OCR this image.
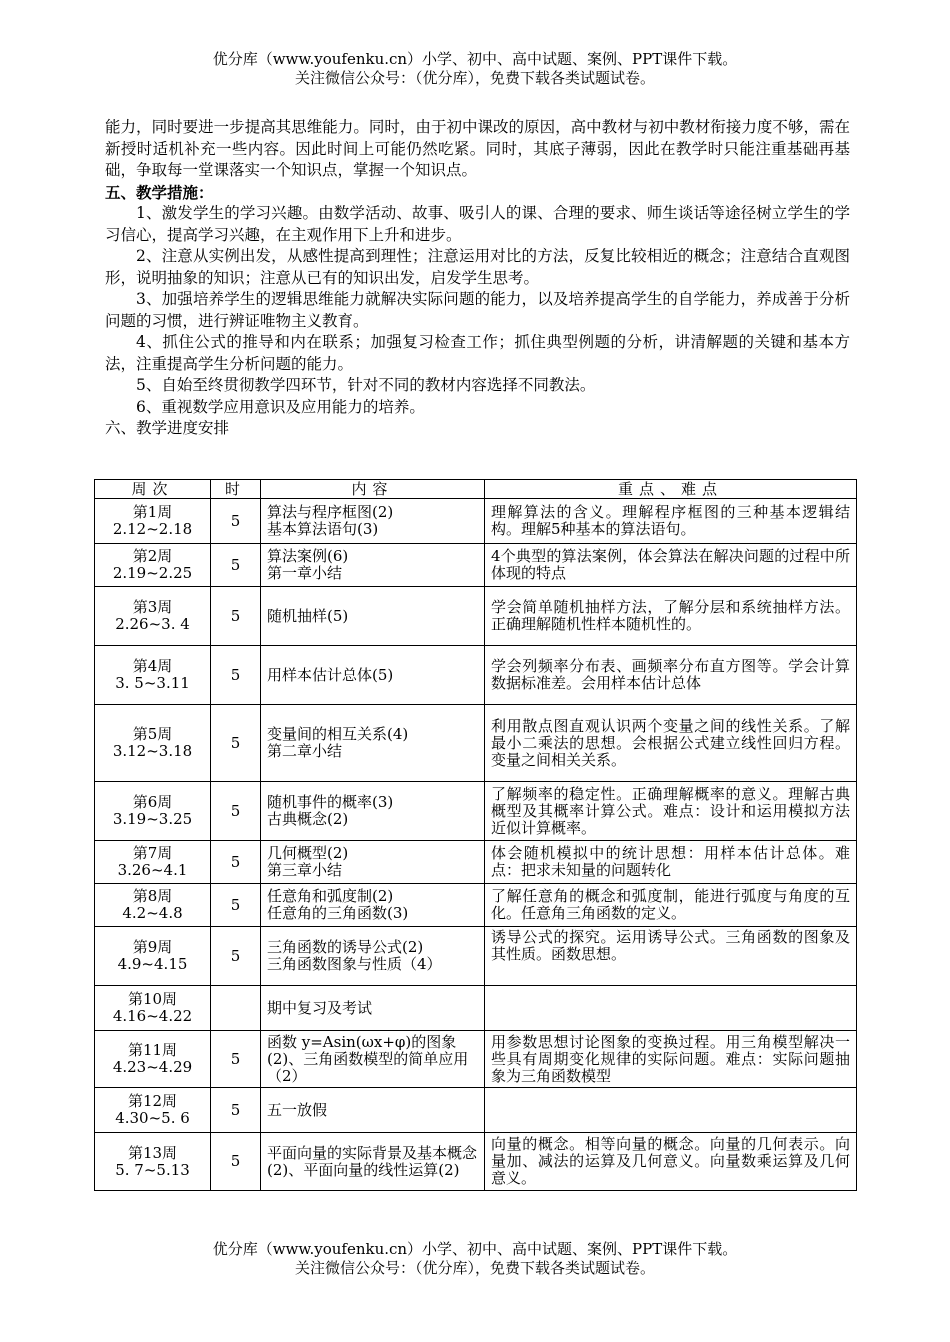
优分库（www.youfenku.cn）小学、初中、高中试题、案例、PPT课件下载。
关注微信公众号：（优分库），免费下载各类试题试卷。

能力，同时要进一步提高其思维能力。同时，由于初中课改的原因，高中教材与初中教材衔接力度不够，需在新授时适机补充一些内容。因此时间上可能仍然吃紧。同时，其底子薄弱，因此在教学时只能注重基础再基础，争取每一堂课落实一个知识点，掌握一个知识点。

五、教学措施：

1、激发学生的学习兴趣。由数学活动、故事、吸引人的课、合理的要求、师生谈话等途径树立学生的学习信心，提高学习兴趣，在主观作用下上升和进步。

2、注意从实例出发，从感性提高到理性；注意运用对比的方法，反复比较相近的概念；注意结合直观图形，说明抽象的知识；注意从已有的知识出发，启发学生思考。

3、加强培养学生的逻辑思维能力就解决实际问题的能力，以及培养提高学生的自学能力，养成善于分析问题的习惯，进行辨证唯物主义教育。

4、抓住公式的推导和内在联系；加强复习检查工作；抓住典型例题的分析，讲清解题的关键和基本方法，注重提高学生分析问题的能力。

5、自始至终贯彻教学四环节，针对不同的教材内容选择不同教法。

6、重视数学应用意识及应用能力的培养。

六、教学进度安排

周次	时	内容	重点、难点

第1周
2.12~2.18	5	算法与程序框图(2)
基本算法语句(3)	理解算法的含义。理解程序框图的三种基本逻辑结构。理解5种基本的算法语句。

第2周
2.19~2.25	5	算法案例(6)
第一章小结	4个典型的算法案例，体会算法在解决问题的过程中所体现的特点

第3周
2.26~3. 4	5	随机抽样(5)	学会简单随机抽样方法，了解分层和系统抽样方法。正确理解随机性样本随机性的。

第4周
3. 5~3.11	5	用样本估计总体(5)	学会列频率分布表、画频率分布直方图等。学会计算数据标准差。会用样本估计总体

第5周
3.12~3.18	5	变量间的相互关系(4)
第二章小结	利用散点图直观认识两个变量之间的线性关系。了解最小二乘法的思想。会根据公式建立线性回归方程。变量之间相关关系。

第6周
3.19~3.25	5	随机事件的概率(3)
古典概念(2)	了解频率的稳定性。正确理解概率的意义。理解古典概型及其概率计算公式。难点：设计和运用模拟方法近似计算概率。

第7周
3.26~4.1	5	几何概型(2)
第三章小结	体会随机模拟中的统计思想：用样本估计总体。难点：把求未知量的问题转化

第8周
4.2~4.8	5	任意角和弧度制(2)
任意角的三角函数(3)	了解任意角的概念和弧度制，能进行弧度与角度的互化。任意角三角函数的定义。

第9周
4.9~4.15	5	三角函数的诱导公式(2)
三角函数图象与性质（4）	诱导公式的探究。运用诱导公式。三角函数的图象及其性质。函数思想。

第10周
4.16~4.22		期中复习及考试	

第11周
4.23~4.29	5	函数 y=Asin(ωx+φ)的图象(2)、三角函数模型的简单应用（2）	用参数思想讨论图象的变换过程。用三角模型解决一些具有周期变化规律的实际问题。难点：实际问题抽象为三角函数模型

第12周
4.30~5. 6	5	五一放假	

第13周
5. 7~5.13	5	平面向量的实际背景及基本概念(2)、平面向量的线性运算(2)	向量的概念。相等向量的概念。向量的几何表示。向量加、减法的运算及几何意义。向量数乘运算及几何意义。
优分库（www.youfenku.cn）小学、初中、高中试题、案例、PPT课件下载。
关注微信公众号：（优分库），免费下载各类试题试卷。
